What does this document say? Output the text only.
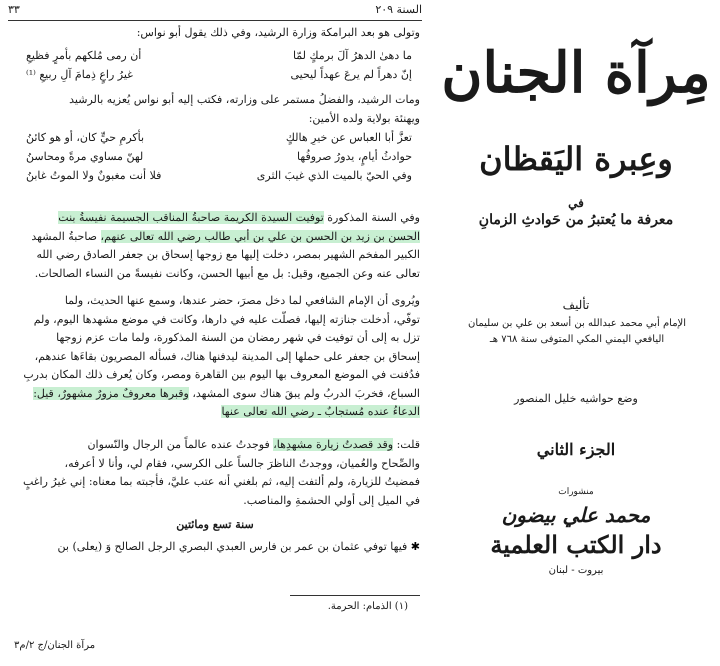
٣٣	السنة ٢٠٩

وتولى هو بعد البرامكة وزارة الرشيد، وفي ذلك يقول أبو نواس:

ما دهىٰ الدهرُ آلَ برمكٍ لمّا
أن رمى مُلكهم بأمرٍ فظيعِ
إنّ دهراً لم يرعَ عهداً ليحيى
غيرُ راعٍ ذِمامَ آلِ ربيعِ ⁽¹⁾

ومات الرشيد، والفضلُ مستمر على وزارته، فكتب إليه أبو نواس يُعزيه بالرشيد
ويهنئة بولاية ولده الأمين:

تعزَّ أبا العباس عن خيرِ هالكٍ
بأكرمِ حيٍّ كان، أو هو كائنُ
حوادثُ أيامٍ، يدورُ صروفُها
لهنّ مساوي مرةً ومحاسنُ
وفي الحيّ بالميت الذي غيبَ الثرى
فلا أنت مغبونٌ ولا الموتُ غابنُ

وفي السنة المذكورة توفيت السيدة الكريمة صاحبةُ المناقب الجسيمة نفيسةُ بنت
الحسن بن زيد بن الحسن بن علي بن أبي طالب رضي الله تعالى عنهم، صاحبةُ المشهد
الكبير المفخم الشهير بمصر، دخلت إليها مع زوجها إسحاق بن جعفر الصادق رضي الله
تعالى عنه وعن الجميع، وقيل: بل مع أبيها الحسن، وكانت نفيسةً من النساء الصالحات.

ويُروى أن الإمام الشافعي لما دخل مصرَ، حضر عندها، وسمع عنها الحديث، ولما
توفّي، أدخلت جنازته إليها، فصلّت عليه في دارها، وكانت في موضع مشهدها اليوم، ولم
تزل به إلى أن توفيت في شهر رمضان من السنة المذكورة، ولما مات عزم زوجها
إسحاق بن جعفر على حملها إلى المدينة ليدفنها هناك، فسأله المصريون بقاءَها عندهم،
فدُفنت في الموضع المعروف بها اليوم بين القاهرة ومصر، وكان يُعرف ذلك المكان بدربِ
السباع، فخربَ الدربُ ولم يبقَ هناك سوى المشهد، وقبرها معروفٌ مزورٌ مشهورٌ، قيل:
الدعاءُ عنده مُستجابٌ ـ رضي الله تعالى عنها

قلت: وقد قصدتُ زيارة مشهدِها، فوجدتُ عنده عالماً من الرجال والنّسوان
والصِّحاح والعُميان، ووجدتُ الناظرَ جالساً على الكرسي، فقام لي، وأنا لا أعرفه،
فمضيتُ للزيارة، ولم ألتفت إليه، ثم بلغني أنه عتب عليَّ، فأجبته بما معناه: إني غيرُ راغبٍ
في الميل إلى أولي الحشمةِ والمناصب.

سنة تسع ومائتين
✱ فيها توفي عثمان بن عمر بن فارس العبدي البصري الرجل الصالح وَ (يعلى) بن
(١) الذمام: الحرمة.
مرآة الجنان/ج ٢/م٣
مِرآة الجنان
وعِبرة اليَقظان
في
معرفة ما يُعتبرُ من حَوادثِ الزمانِ
تأليف
الإمام أبي محمد عبدالله بن أسعد بن علي بن سليمان
اليافعي اليمني المكي المتوفى سنة ٧٦٨ هـ
وضع حواشيه خليل المنصور
الجزء الثاني
منشورات
محمد علي بيضون
دار الكتب العلمية
بيروت - لبنان
